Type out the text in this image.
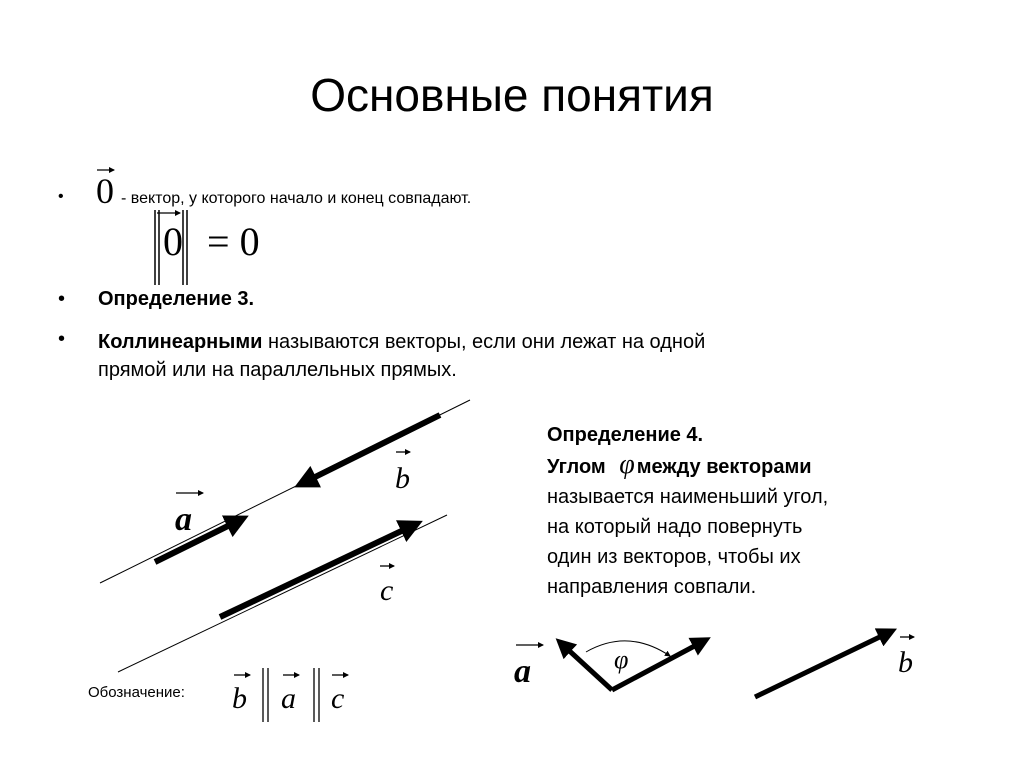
Основные понятия
• 0 - вектор, у которого начало и конец совпадают.
0 = 0
• Определение 3.
• Коллинеарными называются векторы, если они лежат на одной
прямой или на параллельных прямых.
Определение 4.
Углом φ между векторами
называется наименьший угол,
на который надо повернуть
один из векторов, чтобы их
направления совпали.
Обозначение:
a
b
c
φ
a	b
b a c
